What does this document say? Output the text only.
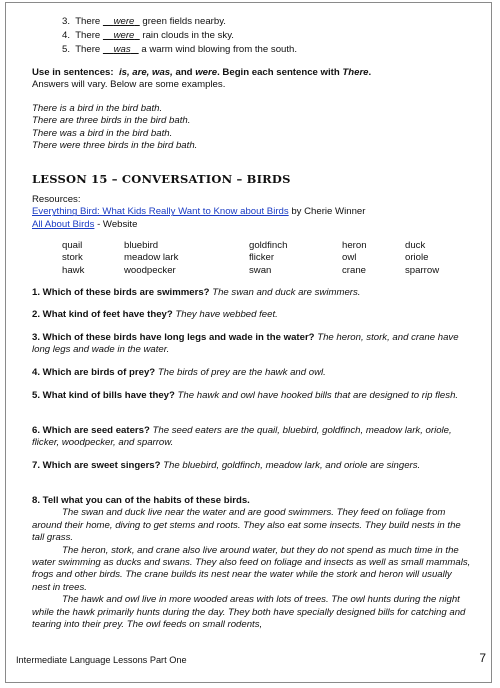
3. There were green fields nearby.
4. There were rain clouds in the sky.
5. There was a warm wind blowing from the south.
Use in sentences: is, are, was, and were. Begin each sentence with There.
Answers will vary. Below are some examples.
There is a bird in the bird bath.
There are three birds in the bird bath.
There was a bird in the bird bath.
There were three birds in the bird bath.
LESSON 15 – CONVERSATION – BIRDS
Resources:
Everything Bird: What Kids Really Want to Know about Birds by Cherie Winner
All About Birds - Website
quail	bluebird	goldfinch	heron	duck
stork	meadow lark	flicker	owl	oriole
hawk	woodpecker	swan	crane	sparrow
1. Which of these birds are swimmers? The swan and duck are swimmers.
2. What kind of feet have they? They have webbed feet.
3. Which of these birds have long legs and wade in the water? The heron, stork, and crane have long legs and wade in the water.
4. Which are birds of prey? The birds of prey are the hawk and owl.
5. What kind of bills have they? The hawk and owl have hooked bills that are designed to rip flesh.
6. Which are seed eaters? The seed eaters are the quail, bluebird, goldfinch, meadow lark, oriole, flicker, woodpecker, and sparrow.
7. Which are sweet singers? The bluebird, goldfinch, meadow lark, and oriole are singers.
8. Tell what you can of the habits of these birds.
The swan and duck live near the water and are good swimmers. They feed on foliage from around their home, diving to get stems and roots. They also eat some insects. They build nests in the tall grass.
The heron, stork, and crane also live around water, but they do not spend as much time in the water swimming as ducks and swans. They also feed on foliage and insects as well as small mammals, frogs and other birds. The crane builds its nest near the water while the stork and heron will usually nest in trees.
The hawk and owl live in more wooded areas with lots of trees. The owl hunts during the night while the hawk primarily hunts during the day. They both have specially designed bills for catching and tearing into their prey. The owl feeds on small rodents,
Intermediate Language Lessons Part One	7
